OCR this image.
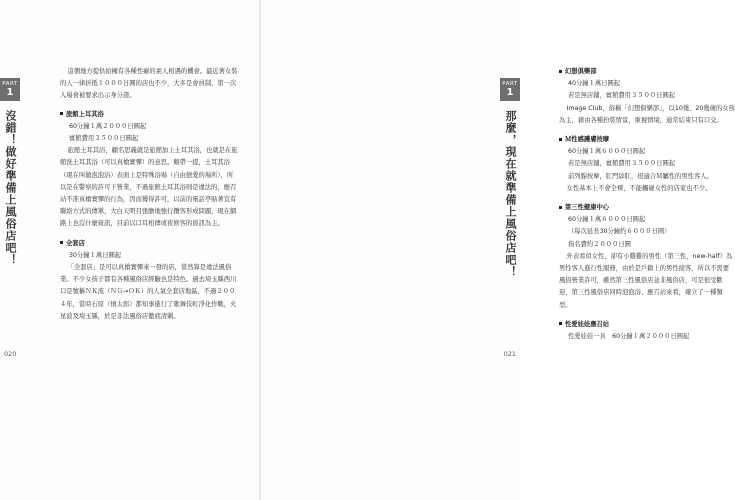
PART
1
沒錯！做好準備上風俗店吧！
020

這個地方提供給擁有各種性癖的素人相遇的機會。最近著女裝的人一律折抵１０００日圓的店也不少，大多是會員制，第一次入場會被要求出示身分證。

旅館上耳其浴
60分鐘１萬２０００日圓起
賓館費用３５００日圓起

旅館土耳其浴，顧名思義就是旅館加上土耳其浴，也就是在旅館洗土耳其浴（可以真槍實彈）的意思。順帶一提，土耳其浴（現在叫做泡泡浴）表面上是特殊浴場（自由戀愛的場所），所以是在警察的許可下營業，不過旅館土耳其浴則是違法的，應召站不准真槍實彈的行為，因而獲得許可，以前的電話亭貼著宣有聯絡方式的傳單，大白天明目張膽地強行攬客形成問題，現在網路上也沒什麼資訊，目前以口耳相傳或夜修客的資訊為主。

全套店
30分鐘１萬日圓起

「全套店」是可以真槍實彈來一發的店，當然算是違法風俗業。不少女孩子都有各種風俗店經驗也是特色。過去埼玉縣西川口是號稱ＮＫ流（ＮＧ→ＯＫ）的人氣全套店地區，不過２００４年，當時石原（慎太郎）都知事進行了歌舞伎町淨化作戰，火星波及埼玉縣，於是非法風俗店徹底清剿。

PART
1
那麼，現在就準備上風俗店吧！
021
幻想俱樂部
40分鐘１萬日圓起
若是無店鋪，賓館費用３５００日圓起

Image Club，俗稱「幻想俱樂部」，以10幾、20幾歲的女孩為主，藉由各種扮裝情景，重視情境，通常結束只有口交。

Ｍ性感護膚按摩
60分鐘１萬６０００日圓起
若是無店鋪，賓館費用３５００日圓起
前列腺按摩，肛門舔肛，很適合Ｍ屬性的男性客人。

女性基本上不會全裸，不能觸碰女性的店家也不少。

第三性健康中心
60分鐘１萬６０００日圓起
（每次延長30分鐘約６０００日圓）
指名費約２０００日圓

外表看似女性，卻有小雞雞的男性（第三性，new-half）為男性客人進行性服務，由於是戶籍上的男性接客，所以不需要風俗營業許可，雖然第三性風俗店並非風俗店，可是很受歡迎，第三性風俗店同時泡泡浴、應召站來看，確立了一種類型。

性愛娃娃應召站
性愛娃娃一具　60分鐘１萬２０００日圓起
